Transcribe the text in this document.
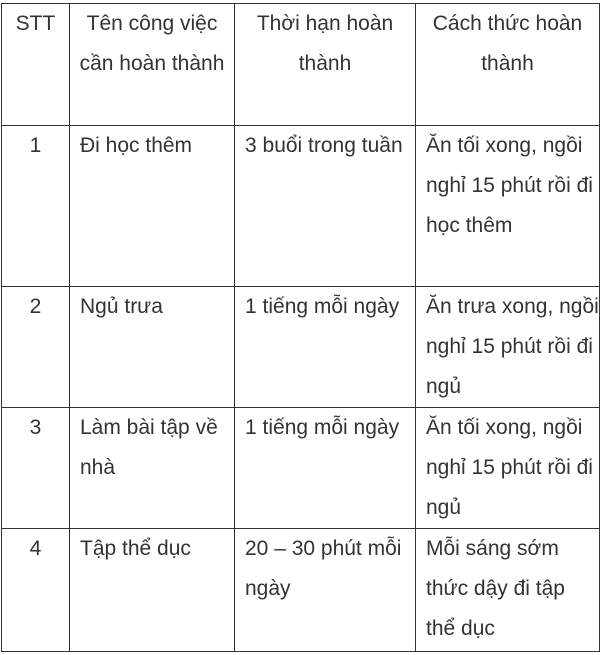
STT	Tên công việc cần hoàn thành	Thời hạn hoàn thành	Cách thức hoàn thành
1	Đi học thêm	3 buổi trong tuần	Ăn tối xong, ngồi nghỉ 15 phút rồi đi học thêm
2	Ngủ trưa	1 tiếng mỗi ngày	Ăn trưa xong, ngồi nghỉ 15 phút rồi đi ngủ
3	Làm bài tập về nhà	1 tiếng mỗi ngày	Ăn tối xong, ngồi nghỉ 15 phút rồi đi ngủ
4	Tập thể dục	20 – 30 phút mỗi ngày	Mỗi sáng sớm thức dậy đi tập thể dục
